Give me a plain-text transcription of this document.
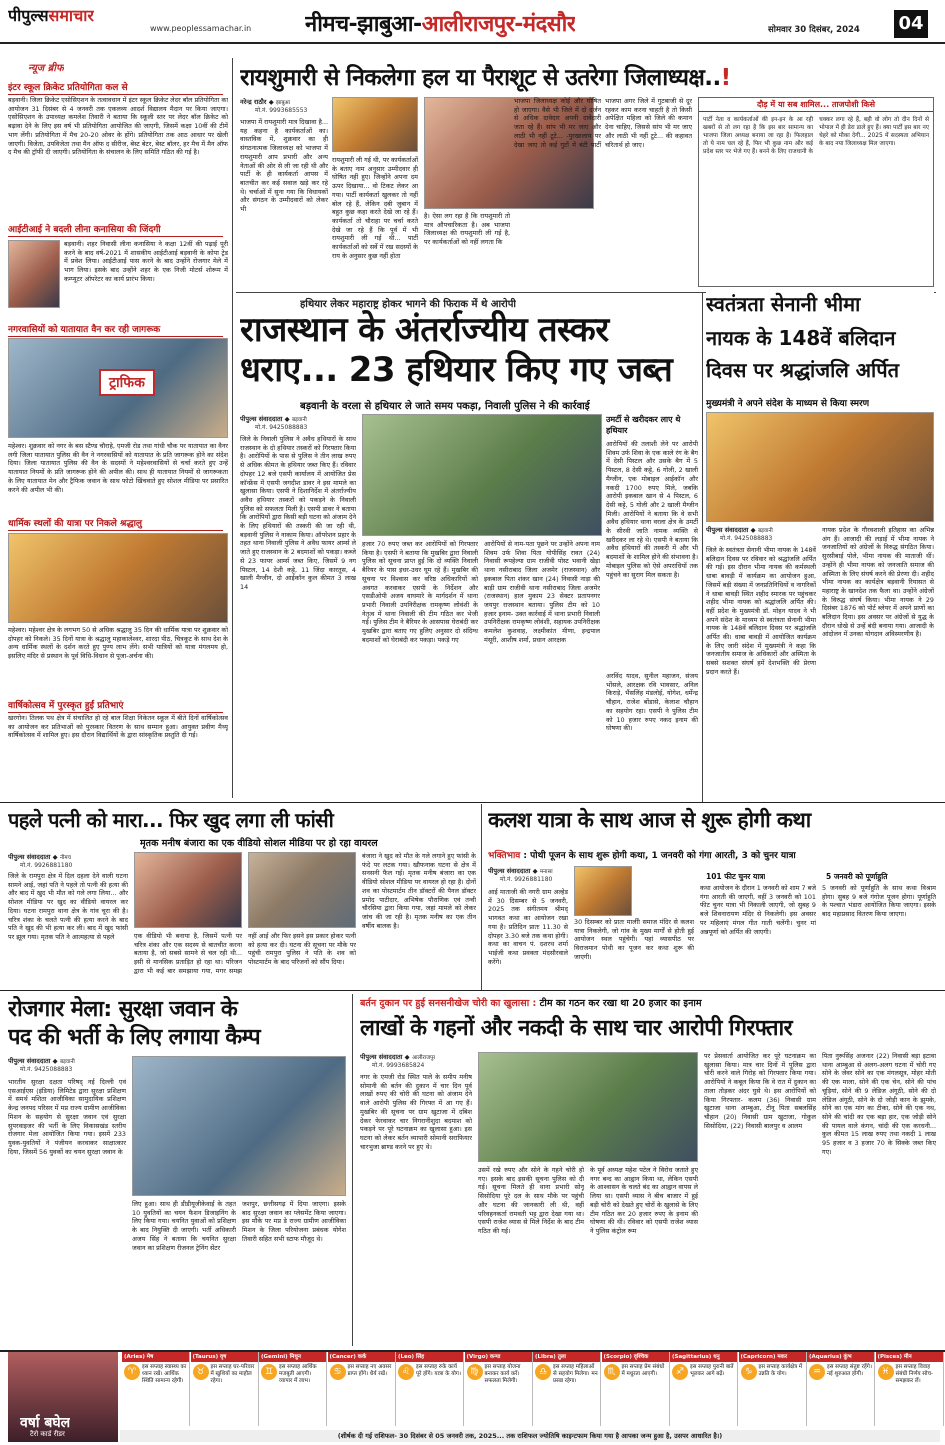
पीपुल्ससमाचार
www.peoplessamachar.in नीमच-झाबुआ-आलीराजपुर-मंदसौर	सोमवार 30 दिसंबर, 2024 04
न्यूज ब्रीफ
इंटर स्कूल क्रिकेट प्रतियोगिता कल से
बड़वानी। जिला क्रिकेट एसोसिएशन के तत्वावधान में इंटर स्कूल क्रिकेट लेदर बॉल प्रतियोगिता का आयोजन 31 दिसंबर से 4 जनवरी तक एकलव्य आदर्श विद्यालय मैदान पर किया जाएगा। एसोसिएशन के उपाध्यक्ष कमलेश तिवारी ने बताया कि स्कूली स्तर पर लेदर बॉल क्रिकेट को बढ़ावा देने के लिए इस वर्ष भी प्रतियोगिता आयोजित की जाएगी, जिसमें कक्षा 10वीं की टीमें भाग लेंगी। प्रतियोगिता में मैच 20-20 ओवर के होंगे। प्रतियोगिता तक आठ आधार पर खेली जाएगी। विजेता, उपविजेता तथा मैन ऑफ द सीरीज, बेस्ट बेटर, बेस्ट बॉलर, हर मैच में मैन ऑफ द मैच की ट्रॉफी दी जाएगी। प्रतियोगिता के संचालन के लिए समिति गठित की गई है।
आईटीआई ने बदली लीना कनासिया की जिंदगी
बड़वानी। शहर निवासी लीना कनासिया ने कक्षा 12वीं की पढ़ाई पूरी करने के बाद वर्ष-2021 में शासकीय आईटीआई बड़वानी के कोपा ट्रेड में प्रवेश लिया। आईटीआई पास करने के बाद उन्होंने रोजगार मेले में भाग लिया। इसके बाद उन्होंने शहर के एक निजी मोटर्स शोरूम में कम्प्यूटर ऑपरेटर का कार्य प्रारंभ किया।
नगरवासियों को यातायात वैन कर रही जागरूक
ट्राफिक
महेश्वर। शुक्रवार को नगर के बस स्टैण्ड चौराहे, एमजी रोड तथा गांधी चौक पर यातायात का वैनर लगी जिला यातायात पुलिस की वैन ने नगरवासियों को यातायात के प्रति जागरूक होने का संदेश दिया। जिला यातायात पुलिस की वैन के सदस्यों ने महेश्वरवासियों से चर्चा करते हुए उन्हें यातायात नियमों के प्रति जागरूक होने की अपील की। साथ ही यातायात नियमों से जागरूकता के लिए यातायात मेन और ट्रैफिक जवान के साथ फोटो खिंचवाते हुए सोशल मीडिया पर प्रसारित करने की अपील भी की।
धार्मिक स्थलों की यात्रा पर निकले श्रद्धालु
महेश्वर। महेश्वर क्षेत्र के लगभग 50 से अधिक श्रद्धालु 35 दिन की धार्मिक यात्रा पर शुक्रवार को दोपहर को निकले। 35 दिनों यात्रा के श्रद्धालु महाकालेश्वर, शारदा पीठ, चित्रकूट के साथ देश के अन्य धार्मिक स्थलों के दर्शन करते हुए पुण्य लाभ लेंगे। सभी यात्रियों को यात्रा मंगलमय हो, इसलिए मंदिर से प्रस्थान के पूर्व विधि-विधान से पूजा-अर्चना की।
वार्षिकोत्सव में पुरस्कृत हुईं प्रतिभाएं
खरगोन। तिलक पथ क्षेत्र में संचालित हो रहे बाल शिक्षा निकेतन स्कूल में बीते दिनों वार्षिकोत्सव का आयोजन कर प्रतिभाओं को पुरस्कार वितरण के साथ सम्मान हुआ। आयुक्त प्रवीण मैथ्यू वार्षिकोत्सव में शामिल हुए। इस दौरान विद्यार्थियों के द्वारा सांस्कृतिक प्रस्तुति दी गई।
रायशुमारी से निकलेगा हल या पैराशूट से उतरेगा जिलाध्यक्ष..!
नरेन्द्र राठौर ◆ झाबुआ
मो.नं. 9993685553
भाजपा में रायशुमारी मात्र दिखावा है... यह कहना है कार्यकर्ताओं का। वास्तविक में, शुक्रवार का ही संगठनात्मक जिलाध्यक्ष को भाजपा में रायशुमारी आप प्रभारी और अन्य नेताओं की ओर से ली जा रही थी और पार्टी के ही कार्यकर्ता आपस में बातचीत कर कई सवाल खड़े कर रहे थे। चर्चाओं में सुना गया कि विधायकों और संगठन के उम्मीदवारों को लेकर भी
रायशुमारी ली गई थी, पर कार्यकर्ताओं के बताए नाम अनुसार उम्मीदवार ही घोषित नहीं हुए। जिन्होंने अपना दम ऊपर दिखाया... वो टिकट लेकर आ गया। पार्टी कार्यकर्ता खुलकर तो नहीं बोल रहे हैं, लेकिन दबी जुबान में बहुत कुछ कहा करते देखे जा रहे हैं। कार्यकर्ता तो चौराहा पर चर्चा करते देखे जा रहे हैं कि पूर्व में भी रायशुमारी ली गई थी... पार्टी कार्यकर्ताओं को सर्वे में रख सदस्यों के राय के अनुसार कुछ नहीं होता
है। ऐसा लग रहा है कि रायशुमारी तो मात्र औपचारिकता है। अब भाजपा जिलाध्यक्ष की रायशुमारी ली गई है, पर कार्यकर्ताओं को नहीं लगता कि
भाजपा जिलाध्यक्ष कोई और घोषित हो जाएगा। वैसे भी जिले में दो दर्जन से अधिक दावेदार अपनी दावेदारी जता रहे हैं। सांप भी मर जाए और लाठी भी नहीं टूटे... -पुरखालाय पर देखा जाए तो कई गुटों में बंटी पार्टी भाजपा अगर जिले में गुटबाजी से दूर रहकर काम करना चाहती है तो किसी अपेक्षित महिला को जिले की कमान देना चाहिए, जिससे सांप भी मर जाए और लाठी भी नहीं टूटे... की कहावत चरितार्थ हो जाए।
दौड़ में या सब शामिल... ताजपोशी किसे
पार्टी नेता व कार्यकर्ताओं की इन-इन के आ रही खबरों से तो लग रहा है कि इस बार सामान्य का भाजपा जिला अध्यक्ष बनाया जा रहा है। फिलहाल तो ये नाम चल रहे हैं, फिर भी कुछ नाम और कई प्रदेश स्तर पर भेजे गए हैं। बनने के लिए राजधानी के चक्कर लगा रहे हैं, बही वो लोग तो दीन दिनों से भोपाल में ही डेरा डाले हुए हैं। क्या पार्टी इस बार नए चेहरे को मौका देगी... 2025 में सदस्यता अभियान के बाद नया जिलाध्यक्ष मिल जाएगा।
हथियार लेकर महाराष्ट्र होकर भागने की फिराक में थे आरोपी
राजस्थान के अंतर्राज्यीय तस्कर
धराए... 23 हथियार किए गए जब्त
बड़वानी के वरला से हथियार ले जाते समय पकड़ा, निवाली पुलिस ने की कार्रवाई
पीपुल्स संवाददाता ◆ बड़वानी
मो.नं. 9425088883
जिले के निवाली पुलिस ने अवैध हथियारों के साथ राजस्थान के दो हथियार तस्करों को गिरफ्तार किया है। आरोपियों के पास से पुलिस ने तीन लाख रुपए से अधिक कीमत के हथियार जब्त किए हैं। रविवार दोपहर 12 बजे एसपी कार्यालय में आयोजित प्रेस कॉन्फ्रेंस में एसपी जगदीश डावर ने इस मामले का खुलासा किया। एसपी ने दिशानिर्देश में अंतर्राज्यीय अवैध हथियार तस्करों को पकड़ने के निवाली पुलिस को सफलता मिली है। एसपी डावर ने बताया कि आरोपियों द्वारा किसी बड़ी घटना को अंजाम देने के लिए हथियारों की तस्करी की जा रही थी, बड़वानी पुलिस ने नाकाम किया। ऑपरेशन प्रहार के तहत थाना निवाली पुलिस ने अवैध फायर आर्म्स ले जाते हुए राजस्थान के 2 बदमाशों को पकड़ा। कब्जे से 23 फायर आर्म्स जब्त किए, जिसमें 9 नग पिस्टल, 14 देशी कट्टे, 11 जिंदा कारतूस, 4 खाली मैग्जीन, दो आईकॉन कुल कीमत 3 लाख 14
हजार 70 रुपए जब्त कर आरोपियों को गिरफ्तार किया है। एसपी ने बताया कि मुखबिर द्वारा निवाली पुलिस को सूचना प्राप्त हुई कि दो व्यक्ति निवाली बैरियर के पास इधर-उधर घूम रहे हैं। मुखबिर की सूचना पर विश्वास कर वरिष्ठ अधिकारियों को अवगत करवाकर एसपी के निर्देशन और एसडीओपी अजय वाघमारे के मार्गदर्शन में थाना प्रभारी निवाली उपनिरीक्षक रामकृष्ण लोवंशी के नेतृत्व में थाना निवाली की टीम गठित कर भेजी गई। पुलिस टीम ने बैरियर के आसपास घेराबंदी कर मुखबिर द्वारा बताए गए हुलिए अनुसार दो संदिग्ध बदमाशों को घेराबंदी कर पकड़ा। पकड़े गए
आरोपियों से नाम-पता पूछने पर उन्होंने अपना नाम शिवम उर्फ शिवा पिता गोपीसिंह रावत (24) निवासी रूपहेल्या ग्राम राजीवी पोस्ट भवानी खेड़ा थाना नसीराबाद जिला अजमेर (राजस्थान) और इकबाल पिता शंकर खान (24) निवासी नाड़ा की बाड़ी ग्राम राजीवी थाना नसीराबाद जिला अजमेर (राजस्थान) हाल मुकाम 23 सेक्टर प्रतापनगर जयपुर राजस्थान बताया। पुलिस टीम को 10 हजार इनाम- उक्त कार्रवाई में थाना प्रभारी निवाली उपनिरीक्षक रामकृष्ण लोवंशी, सहायक उपनिरीक्षक कमलेश कुशवाह, लक्ष्मीकांत मीणा, इन्द्रपाल मंसूरी, आशीष शर्मा, प्रधान आरक्षक
उमर्टी से खरीदकर लाए थे हथियार
आरोपियों की तलाशी लेने पर आरोपी शिवम उर्फ शिवा के एक काले रंग के बैग में देसी पिस्टल और उसके बैग में 5 पिस्टल, 8 देसी कट्टे, 6 गोली, 2 खाली मैग्जीन, एक मोबाइल आईकॉन और नकदी 1700 रुपए मिले, जबकि आरोपी इकबाल खान से 4 पिस्टल, 6 देसी कट्टे, 5 गोली और 2 खाली मैग्जीन मिली। आरोपियों ने बताया कि वे सभी अवैध हथियार थाना वरला क्षेत्र के उमर्टी के सीरवी जाति नामक व्यक्ति से खरीदकर ला रहे थे। एसपी ने बताया कि अवैध हथियारों की तस्करी में और भी बदमाशों के शामिल होने की संभावना है। मोबाइल पुलिस को ऐसे अपराधियों तक पहुंचने का सुराग मिल सकता है।
अरविंद यादव, सुनील महाजन, संजय भोंसले, आरक्षक रवि भावसार, अनिल किराड़े, भैंसलिंह मंडलोई, योगेश, धर्मेन्द्र चौहान, राजेश बोंडासे, केलाश चौहान का सहयोग रहा। एसपी ने पुलिस टीम को 10 हजार रुपए नकद इनाम की घोषणा की।
स्वतंत्रता सेनानी भीमा
नायक के 148वें बलिदान
दिवस पर श्रद्धांजलि अर्पित
मुख्यमंत्री ने अपने संदेश के माध्यम से किया स्मरण
पीपुल्स संवाददाता ◆ बड़वानी
मो.नं. 9425088883
जिले के स्वतंत्रता सेनानी भीमा नायक के 148वें बलिदान दिवस पर रविवार को श्रद्धांजलि अर्पित की गई। इस दौरान भीमा नायक की कर्मस्थली धाबा बावड़ी में कार्यक्रम का आयोजन हुआ, जिसमें बड़ी संख्या में जनप्रतिनिधियों व नागरिकों ने धाबा बावड़ी स्थित शहीद स्मारक पर पहुंचकर शहीद भीमा नायक को श्रद्धांजलि अर्पित की। वहीं प्रदेश के मुख्यमंत्री डॉ. मोहन यादव ने भी अपने संदेश के माध्यम से स्वतंत्रता सेनानी भीमा नायक के 148वें बलिदान दिवस पर श्रद्धांजलि अर्पित की। धाबा बावड़ी में आयोजित कार्यक्रम के लिए जारी संदेश में मुख्यमंत्री ने कहा कि जनजातीय समाज के अधिकारों और अस्मिता के सबसे सशक्त संघर्ष हमें देशभक्ति की प्रेरणा प्रदान करते हैं।
नायक प्रदेश के गौरवशाली इतिहास का अभिन्न अंग हैं। आजादी की लड़ाई में भीमा नायक ने जनजातियों को अंग्रेजों के विरुद्ध संगठित किया। सुरसीबाई पोले, भीमा नायक की माताजी थीं। उन्होंने ही भीमा नायक को जनजाति समाज की अस्मिता के लिए संघर्ष करने की प्रेरणा दी। शहीद भीमा नायक का कार्यक्षेत्र बड़वानी रियासत से महाराष्ट्र के खानदेश तक फैला था। उन्होंने अंग्रेजों के विरुद्ध संघर्ष किया। भीमा नायक ने 29 दिसंबर 1876 को पोर्ट ब्लेयर में अपने प्राणों का बलिदान दिया। इस अवसर पर अंग्रेजों से युद्ध के दौरान धोखे से उन्हें बंदी बनाया गया। आजादी के आंदोलन में उनका योगदान अविस्मरणीय है।
पहले पत्नी को मारा... फिर खुद लगा ली फांसी
मृतक मनीष बंजारा का एक वीडियो सोशल मीडिया पर हो रहा वायरल
पीपुल्स संवाददाता ◆ नीमच
मो.नं. 9926881180
जिले के रामपुरा क्षेत्र में दिल दहला देने वाली घटना सामने आई, जहां पति ने पहले तो पत्नी की हत्या की और बाद में खुद भी मौत को गले लगा लिया... और सोशल मीडिया पर खुद का वीडियो वायरल कर दिया। घटना रामपुरा थाना क्षेत्र के गांव चूरा की है। चरित्र शंका के चलते पत्नी की हत्या करने के बाद पति ने खुद की भी हत्या कर ली। बाद में खुद फांसी पर झूल गया। मृतक पति ने आत्महत्या से पहले	एक वीडियो भी बनाया है, जिसमें पत्नी पर चरित्र शंका और एक सदस्य से बातचीत करना बताया है, जो सबसे सामने से चल रही थी... इसी से मानसिक प्रताड़ित हो रहा था। परिजन द्वारा भी कई बार समझाया गया, मगर समझ नहीं आई और फिर इसने इस प्रकार होकर पत्नी को हत्या कर दी। घटना की सूचना पर मौके पर पहुंची रामपुरा पुलिस ने पति के शव को पोस्टमार्टम के बाद परिजनों को सौंप दिया।
बंजारा ने खुद को मौत के गले लगाने हुए फांसी के फंदे पर लटक गया। खौफनाक घटना से क्षेत्र में सनसनी फैल गई। मृतक मनीष बंजारा का एक वीडियो सोशल मीडिया पर वायरल हो रहा है। दोनों शव का पोस्टमार्टम तीन डॉक्टरों की पैनल डॉक्टर प्रमोद पाटीदार, अभिषेक पौराणिक एवं तन्वी चौरसिया द्वारा किया गया, जहां मामले को लेकर जांच की जा रही है। मृतक मनीष का एक तीन वर्षीय बालक है।
कलश यात्रा के साथ आज से शुरू होगी कथा
भक्तिभाव : पोथी पूजन के साथ शुरू होगी कथा, 1 जनवरी को गंगा आरती, 3 को चुनर यात्रा
पीपुल्स संवाददाता ◆ मनासा
मो.नं. 9926881180
आई माताजी की नगरी ग्राम अल्हेड में 30 दिसम्बर से 5 जनवरी, 2025 तक संगीतमय श्रीमद् भागवत कथा का आयोजन रखा गया है। प्रतिदिन प्रातः 11.30 से दोपहर 3.30 बजे तक कथा होगी। कथा का वाचन पं. दशरथ शर्मा भाईजी कथा प्रवक्ता मंदसौरवाले करेंगे।
30 दिसम्बर को प्रातः मालीी समाज मंदिर से कलश यात्रा निकलेगी, जो गांव के मुख्य मार्गों से होती हुई आयोजन स्थल पहुंचेगी। यहां व्यासपीठ पर विराजमान पोथी का पूजन कर कथा शुरू की जाएगी।
101 फीट चुनर यात्रा
कथा आयोजन के दौरान 1 जनवरी को शाम 7 बजे गंगा आरती की जाएगी, वहीं 3 जनवरी को 101 फीट चुनर यात्रा भी निकाली जाएगी, जो सुबह 9 बजे शिवनारायण मंदिर से निकलेगी। इस अवसर पर महिलाएं मंगल गीत गाती चलेंगी। चुनर मां अन्नपूर्णा को अर्पित की जाएगी।
5 जनवरी को पूर्णाहुति
5 जनवरी को पूर्णाहुति के साथ कथा विश्राम होगा। सुबह 9 बजे गंगोज पूजन होगा। पूर्णाहुति के पश्चात भंडारा आयोजित किया जाएगा। इसके बाद महाप्रसाद वितरण किया जाएगा।
रोजगार मेला: सुरक्षा जवान के
पद की भर्ती के लिए लगाया कैम्प
पीपुल्स संवाददाता ◆ बड़वानी
मो.नं. 9425088883
भारतीय सुरक्षा दक्षता परिषद् नई दिल्ली एवं एसआईएस (इंडिया) लिमिटेड द्वारा सुरक्षा प्रशिक्षण में समर्थ मशिता आजीविका सामुदायिक प्रशिक्षण केन्द्र जनपद परिसर में मप्र राज्य ग्रामीण आजीविका मिशन के सहयोग से सुरक्षा जवान एवं सुरक्षा सुपरवाइजर की भर्ती के लिए विकासखंड स्तरीय रोजगार मेला आयोजित किया गया। इसमें 233 युवक-युवतियों ने पंजीयन करवाकर साक्षात्कार दिया, जिसमें 56 युवकों का चयन सुरक्षा जवान के
लिए हुआ। साथ ही डीडीयूजीकेवाई के तहत 10 युवतियों का चयन फैशन डिजाइनिंग के लिए किया गया। चयनित युवाओं को प्रशिक्षण के बाद नियुक्ति दी जाएगी। भर्ती अधिकारी अजय सिंह ने बताया कि चयनित सुरक्षा जवान का प्रशिक्षण रीजनल ट्रेनिंग सेंटर
जशपुर, छत्तीसगढ़ में दिया जाएगा। इसके बाद सुरक्षा जवान का प्लेसमेंट किया जाएगा। इस मौके पर मप्र डे राज्य ग्रामीण आजीविका मिशन के जिला परियोजना प्रबंधक योगेश तिवारी सहित सभी स्टाफ मौजूद थे।
बर्तन दुकान पर हुई सनसनीखेज चोरी का खुलासा : टीम का गठन कर रखा था 20 हजार का इनाम
लाखों के गहनों और नकदी के साथ चार आरोपी गिरफ्तार
पीपुल्स संवाददाता ◆ आलीराजपुर
मो.नं. 9993685824
नगर के एमजी रोड स्थित पाले के समीप मनीष सोमानी की बर्तन की दुकान में चार दिन पूर्व लाखों रुपए की चोरी की घटना को अंजाम देने वाले आरोपी पुलिस की गिरफ्त में आ गए हैं। मुखबिर की सूचना पर ग्राम खुटाजा में दबिश देकर फेरवाकर चार निगरानीशुदा बदमाश को पकड़ने पर पूरे घटनाक्रम का खुलासा हुआ। इस घटना को लेकर बर्तन व्यापारी सोमानी सराफियार चारभुजा ब्राण्ड करने पर हुए थे।
उसमें रखे रुपए और सोने के गहने चोरी हो गए। इसके बाद इसकी सूचना पुलिस को दी गई। सूचना मिलते ही थाना प्रभारी सोनू सिसोदिया पूरे दल के साथ मौके पर पहुंची और घटना की जानकारी ली थी, वहीं परिवहनकर्ता रामवती भट्ट द्वारा देखा गया था। एसपी राजेश व्यास से मिले निर्देश के बाद टीम गठित की गई।
के पूर्व अध्यक्ष महेश पटेल ने विरोध जताते हुए नगर बन्द का आह्वान किया था, लेकिन एसपी के आश्वासन के चलते बंद का आह्वान वापस ले लिया था। एसपी व्यास ने बीच बाजार में हुई बड़ी चोरी को देखते हुए चोरों के खुलासे के लिए टीम गठित कर 20 हजार रुपए के इनाम की घोषणा की थी। रविवार को एसपी राजेश व्यास ने पुलिस कंट्रोल रूम
पर प्रेसवार्ता आयोजित कर पूरे घटनाक्रम का खुलासा किया। मात्र चार दिनों में पुलिस द्वारा चोरी करने वाले गिरोह को गिरफ्तार किया गया। आरोपियों ने कबूल किया कि वे रात में दुकान का ताला तोड़कर अंदर घुसे थे। इस आरोपियों को किया गिरफ्तार- कलम (36) निवासी ग्राम खुटाजा थाना आम्बुआ, टीनू पिता सबलसिंह चौहान (20) निवासी ग्राम खुटाजा, गोकुल सिसोदिया, (22) निवासी बालपुर व आलम
पिता नुरूसिंह अजनार (22) निवासी बड़ा इटावा थाना आम्बुआ से अलग-अलग घटना में चोरी गए सोने के जेवर सोने का एक मंगलसूत्र, मोहर मोती की एक माला, सोने की एक चेन, सोने की पांच चूड़ियां, सोने की 9 लेडिज अंगूठी, सोने की दो लेडिज अंगूठी, सोने के दो जोड़ी कान के झुमके, सोने का एक मांग का टीका, सोने की एक नथ, सोने की चांदी का एक बड़ा हार, एक जोड़ी सोने की पायल वाले कंगन, चांदी की एक करधनी... कुल कीमत 15 लाख रुपए तथा नकदी 1 लाख 95 हजार व 3 हजार 70 के सिक्के जब्त किए गए।
वर्षा बघेल
टैरो कार्ड रीडर
(Aries) मेष
♈	इस सप्ताह स्वास्थ्य का ध्यान रखें। आर्थिक स्थिति सामान्य रहेगी।
(Taurus) वृष
♉	इस सप्ताह घर-परिवार में खुशियों का माहौल रहेगा।
(Gemini) मिथुन
♊	इस सप्ताह आर्थिक मजबूती आएगी। व्यापार में लाभ।
(Cancer) कर्क
♋	इस सप्ताह नए अवसर प्राप्त होंगे। धैर्य रखें।
(Leo) सिंह
♌	इस सप्ताह रुके कार्य पूरे होंगे। यात्रा के योग।
(Virgo) कन्या
♍	इस सप्ताह योजना बनाकर कार्य करें। सफलता मिलेगी।
(Libra) तुला
♎	इस सप्ताह महिलाओं से सहयोग मिलेगा। मन प्रसन्न रहेगा।
(Scorpio) वृश्चिक
♏	इस सप्ताह प्रेम संबंधों में मधुरता आएगी।
(Sagittarius) धनु
♐	इस सप्ताह पुरानी बातें भूलकर आगे बढ़ें।
(Capricorn) मकर
♑	इस सप्ताह कार्यक्षेत्र में उन्नति के योग।
(Aquarius) कुंभ
♒	इस सप्ताह संतुष्ट रहेंगे। नई शुरुआत होगी।
(Pisces) मीन
♓	इस सप्ताह विवाह संबंधी निर्णय सोच-समझकर लें।
(शीर्षक दी गई राशिफल- 30 दिसंबर से 05 जनवरी तक, 2025... तक राशिफल ज्योतिषि काइन्टफाम किया गया है आपका जन्म हुआ है, उसपर आधारित है।)
